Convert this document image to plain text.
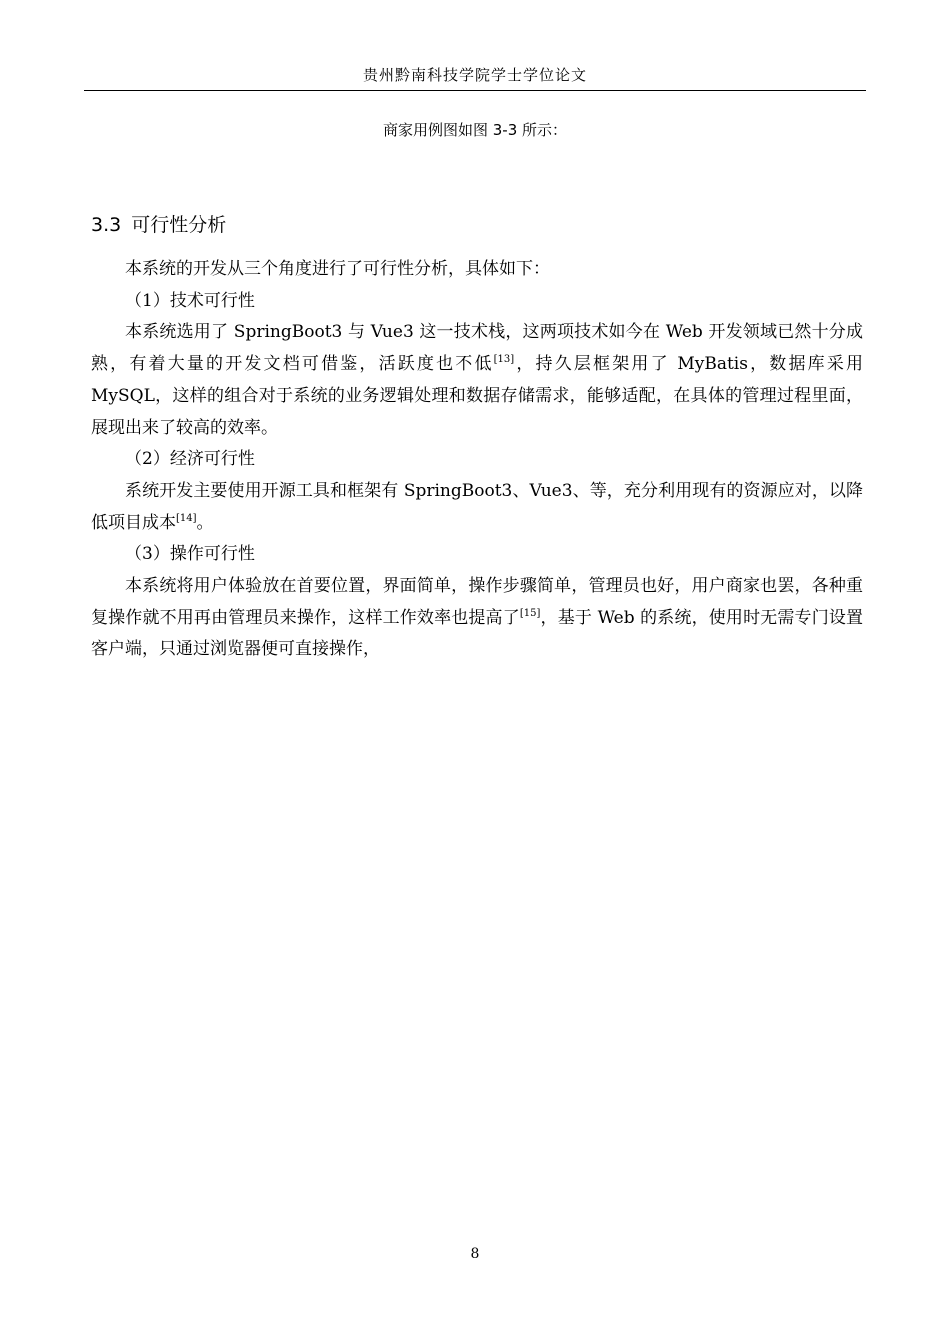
贵州黔南科技学院学士学位论文
商家用例图如图 3-3 所示：
3.3 可行性分析

本系统的开发从三个角度进行了可行性分析，具体如下：

（1）技术可行性

本系统选用了 SpringBoot3 与 Vue3 这一技术栈，这两项技术如今在 Web 开发领域已然十分成熟，有着大量的开发文档可借鉴，活跃度也不低[13]，持久层框架用了 MyBatis，数据库采用 MySQL，这样的组合对于系统的业务逻辑处理和数据存储需求，能够适配，在具体的管理过程里面，展现出来了较高的效率。

（2）经济可行性

系统开发主要使用开源工具和框架有 SpringBoot3、Vue3、等，充分利用现有的资源应对，以降低项目成本[14]。

（3）操作可行性

本系统将用户体验放在首要位置，界面简单，操作步骤简单，管理员也好，用户商家也罢，各种重复操作就不用再由管理员来操作，这样工作效率也提高了[15]，基于 Web 的系统，使用时无需专门设置客户端，只通过浏览器便可直接操作，

8
